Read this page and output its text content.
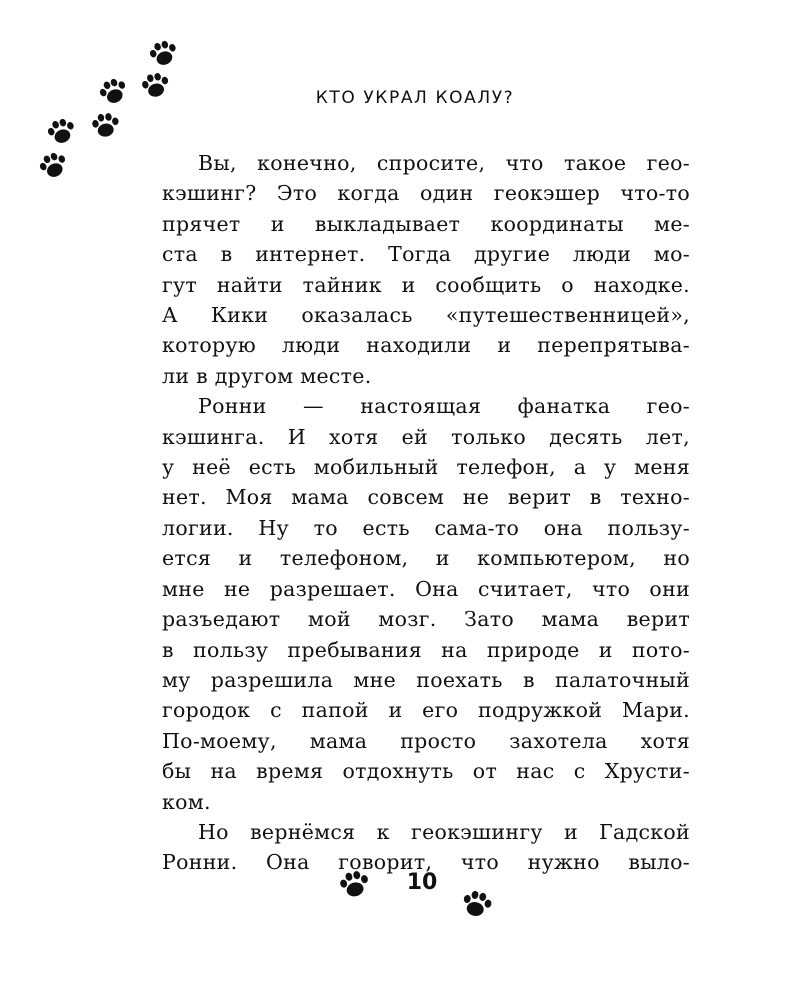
КТО УКРАЛ КОАЛУ?

Вы, конечно, спросите, что такое гео-
кэшинг? Это когда один геокэшер что-то
прячет и выкладывает координаты ме-
ста в интернет. Тогда другие люди мо-
гут найти тайник и сообщить о находке.
А Кики оказалась «путешественницей»,
которую люди находили и перепрятыва-
ли в другом месте.

Ронни — настоящая фанатка гео-
кэшинга. И хотя ей только десять лет,
у неё есть мобильный телефон, а у меня
нет. Моя мама совсем не верит в техно-
логии. Ну то есть сама-то она пользу-
ется и телефоном, и компьютером, но
мне не разрешает. Она считает, что они
разъедают мой мозг. Зато мама верит
в пользу пребывания на природе и пото-
му разрешила мне поехать в палаточный
городок с папой и его подружкой Мари.
По-моему, мама просто захотела хотя
бы на время отдохнуть от нас с Хрусти-
ком.

Но вернёмся к геокэшингу и Гадской
Ронни. Она говорит, что нужно выло-

10
